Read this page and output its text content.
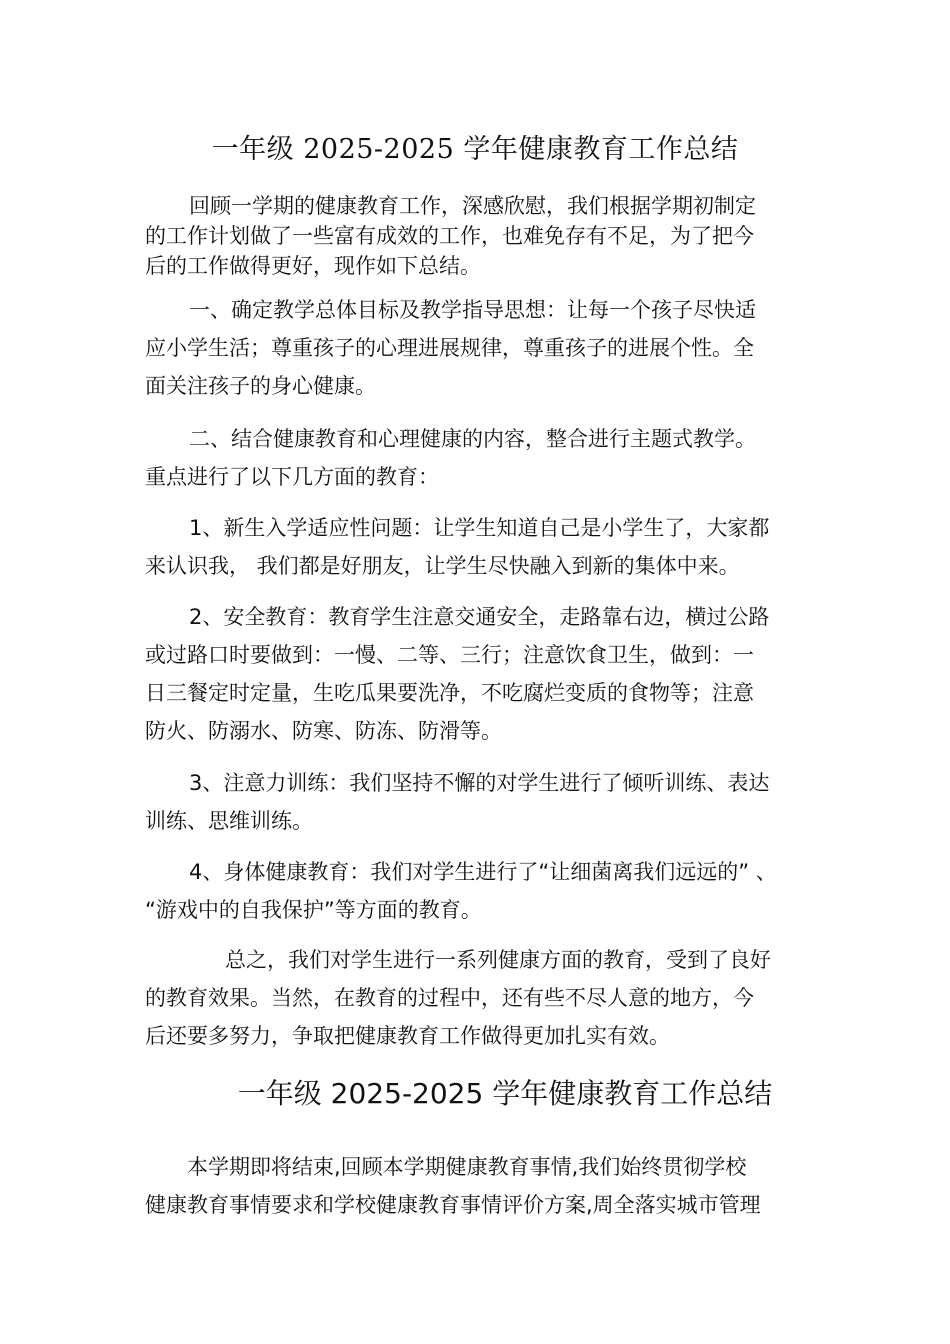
一年级 2025-2025 学年健康教育工作总结
回顾一学期的健康教育工作，深感欣慰，我们根据学期初制定
的工作计划做了一些富有成效的工作，也难免存有不足，为了把今
后的工作做得更好，现作如下总结。
一、确定教学总体目标及教学指导思想：让每一个孩子尽快适
应小学生活；尊重孩子的心理进展规律，尊重孩子的进展个性。全
面关注孩子的身心健康。
二、结合健康教育和心理健康的内容，整合进行主题式教学。
重点进行了以下几方面的教育：
1、新生入学适应性问题：让学生知道自己是小学生了，大家都
来认识我， 我们都是好朋友，让学生尽快融入到新的集体中来。
2、安全教育：教育学生注意交通安全，走路靠右边，横过公路
或过路口时要做到：一慢、二等、三行；注意饮食卫生，做到：一
日三餐定时定量，生吃瓜果要洗净，不吃腐烂变质的食物等；注意
防火、防溺水、防寒、防冻、防滑等。
3、注意力训练：我们坚持不懈的对学生进行了倾听训练、表达
训练、思维训练。
4、身体健康教育：我们对学生进行了“让细菌离我们远远的” 、
“游戏中的自我保护”等方面的教育。
总之，我们对学生进行一系列健康方面的教育，受到了良好
的教育效果。当然，在教育的过程中，还有些不尽人意的地方，今
后还要多努力，争取把健康教育工作做得更加扎实有效。
一年级 2025-2025 学年健康教育工作总结
本学期即将结束,回顾本学期健康教育事情,我们始终贯彻学校
健康教育事情要求和学校健康教育事情评价方案,周全落实城市管理
